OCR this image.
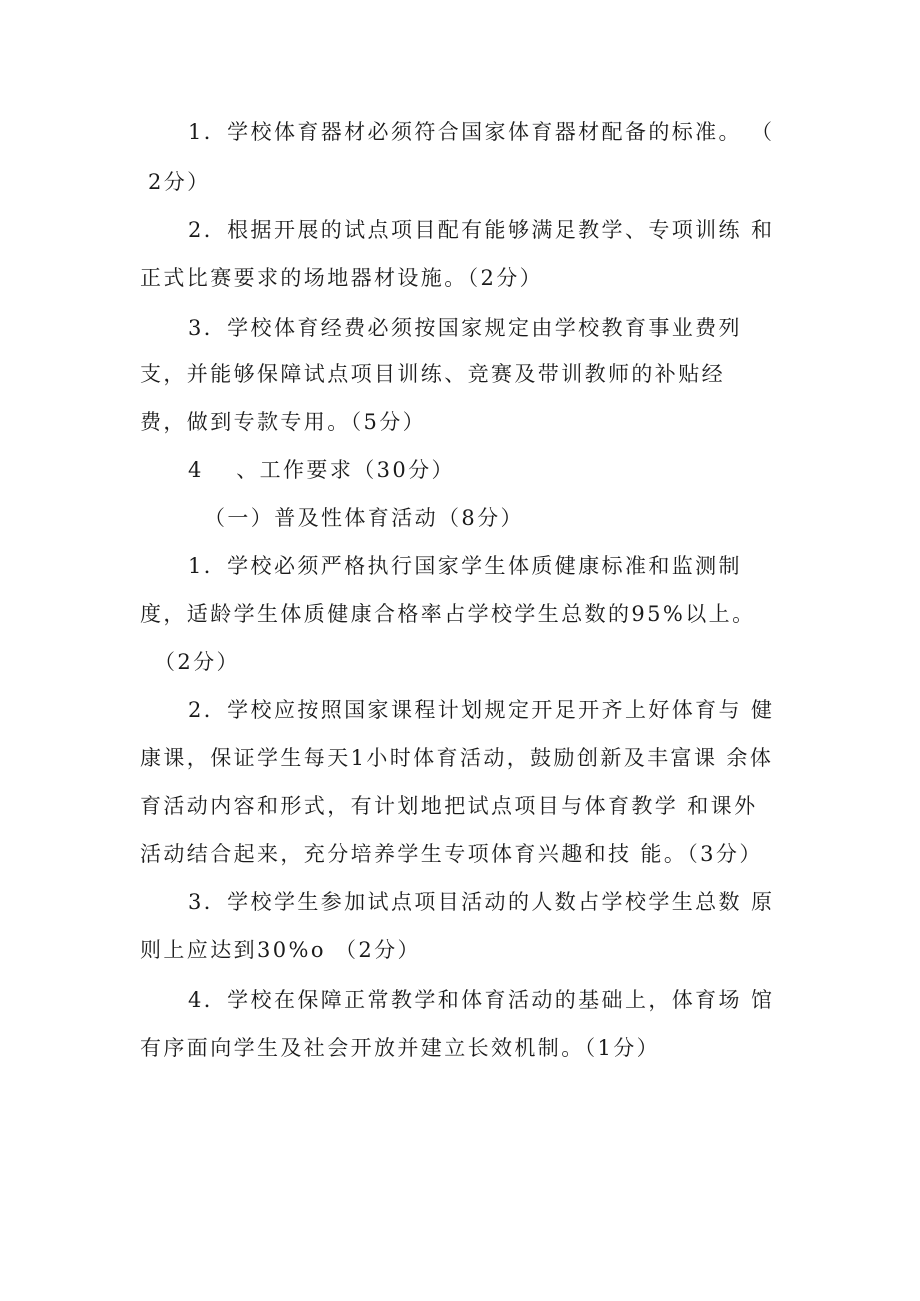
1．学校体育器材必须符合国家体育器材配备的标准。 （
2分）
2．根据开展的试点项目配有能够满足教学、专项训练 和
正式比赛要求的场地器材设施。（2分）
3．学校体育经费必须按国家规定由学校教育事业费列
支，并能够保障试点项目训练、竞赛及带训教师的补贴经
费，做到专款专用。（5分）
4　 、工作要求（30分）
（一）普及性体育活动（8分）
1．学校必须严格执行国家学生体质健康标准和监测制
度，适龄学生体质健康合格率占学校学生总数的95%以上。
（2分）
2．学校应按照国家课程计划规定开足开齐上好体育与 健
康课，保证学生每天1小时体育活动，鼓励创新及丰富课 余体
育活动内容和形式，有计划地把试点项目与体育教学 和课外
活动结合起来，充分培养学生专项体育兴趣和技 能。（3分）
3．学校学生参加试点项目活动的人数占学校学生总数 原
则上应达到30%o （2分）
4．学校在保障正常教学和体育活动的基础上，体育场 馆
有序面向学生及社会开放并建立长效机制。（1分）
